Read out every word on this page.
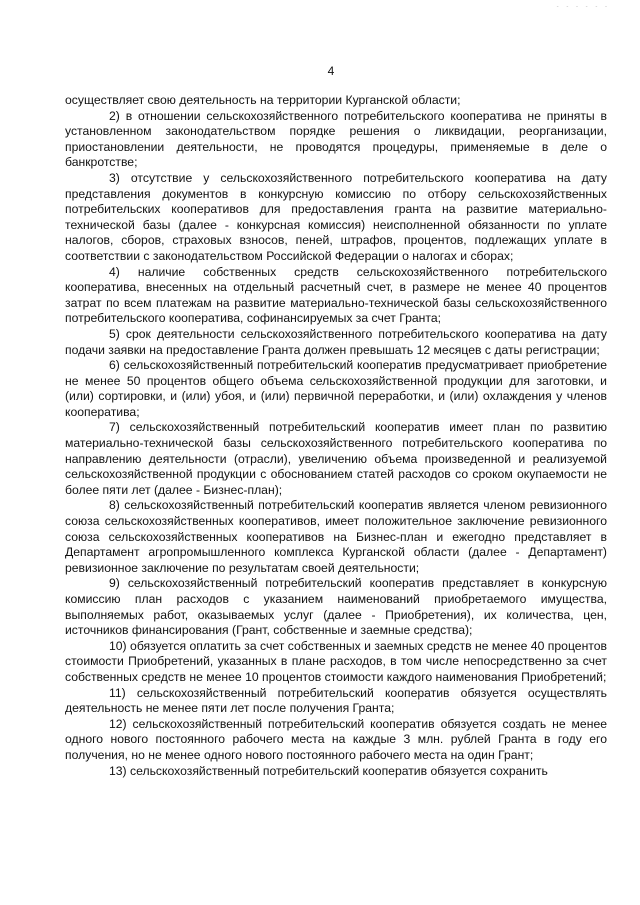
- - - - - -
4

осуществляет свою деятельность на территории Курганской области;

2) в отношении сельскохозяйственного потребительского кооператива не приняты в установленном законодательством порядке решения о ликвидации, реорганизации, приостановлении деятельности, не проводятся процедуры, применяемые в деле о банкротстве;

3) отсутствие у сельскохозяйственного потребительского кооператива на дату представления документов в конкурсную комиссию по отбору сельскохозяйственных потребительских кооперативов для предоставления гранта на развитие материально-технической базы (далее - конкурсная комиссия) неисполненной обязанности по уплате налогов, сборов, страховых взносов, пеней, штрафов, процентов, подлежащих уплате в соответствии с законодательством Российской Федерации о налогах и сборах;

4) наличие собственных средств сельскохозяйственного потребительского кооператива, внесенных на отдельный расчетный счет, в размере не менее 40 процентов затрат по всем платежам на развитие материально-технической базы сельскохозяйственного потребительского кооператива, софинансируемых за счет Гранта;

5) срок деятельности сельскохозяйственного потребительского кооператива на дату подачи заявки на предоставление Гранта должен превышать 12 месяцев с даты регистрации;

6) сельскохозяйственный потребительский кооператив предусматривает приобретение не менее 50 процентов общего объема сельскохозяйственной продукции для заготовки, и (или) сортировки, и (или) убоя, и (или) первичной переработки, и (или) охлаждения у членов кооператива;

7) сельскохозяйственный потребительский кооператив имеет план по развитию материально-технической базы сельскохозяйственного потребительского кооператива по направлению деятельности (отрасли), увеличению объема произведенной и реализуемой сельскохозяйственной продукции с обоснованием статей расходов со сроком окупаемости не более пяти лет (далее - Бизнес-план);

8) сельскохозяйственный потребительский кооператив является членом ревизионного союза сельскохозяйственных кооперативов, имеет положительное заключение ревизионного союза сельскохозяйственных кооперативов на Бизнес-план и ежегодно представляет в Департамент агропромышленного комплекса Курганской области (далее - Департамент) ревизионное заключение по результатам своей деятельности;

9) сельскохозяйственный потребительский кооператив представляет в конкурсную комиссию план расходов с указанием наименований приобретаемого имущества, выполняемых работ, оказываемых услуг (далее - Приобретения), их количества, цен, источников финансирования (Грант, собственные и заемные средства);

10) обязуется оплатить за счет собственных и заемных средств не менее 40 процентов стоимости Приобретений, указанных в плане расходов, в том числе непосредственно за счет собственных средств не менее 10 процентов стоимости каждого наименования Приобретений;

11) сельскохозяйственный потребительский кооператив обязуется осуществлять деятельность не менее пяти лет после получения Гранта;

12) сельскохозяйственный потребительский кооператив обязуется создать не менее одного нового постоянного рабочего места на каждые 3 млн. рублей Гранта в году его получения, но не менее одного нового постоянного рабочего места на один Грант;

13) сельскохозяйственный потребительский кооператив обязуется сохранить
